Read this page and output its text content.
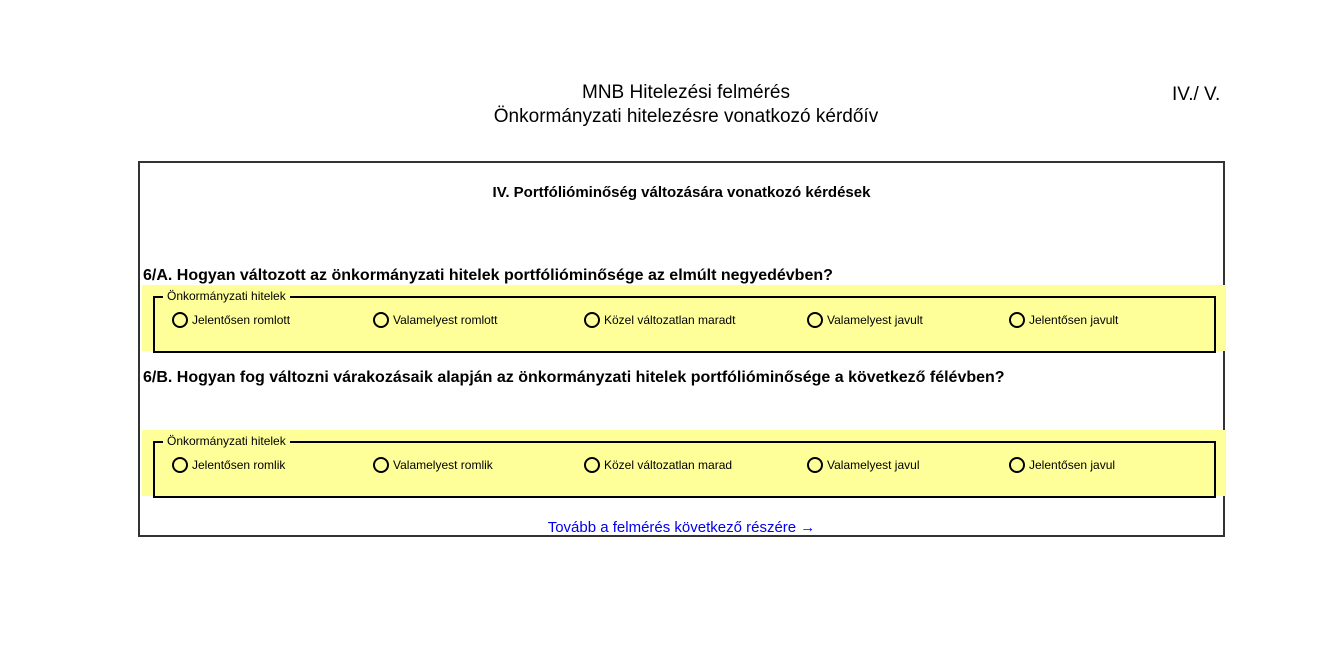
MNB Hitelezési felmérés
Önkormányzati hitelezésre vonatkozó kérdőív
IV./ V.
IV. Portfólióminőség változására vonatkozó kérdések
Önkormányzati hitelek
Jelentősen romlott	Valamelyest romlott	Közel változatlan maradt	Valamelyest javult	Jelentősen javult
6/A. Hogyan változott az önkormányzati hitelek portfólióminősége az elmúlt negyedévben?
Önkormányzati hitelek
Jelentősen romlik	Valamelyest romlik	Közel változatlan marad	Valamelyest javul	Jelentősen javul
6/B. Hogyan fog változni várakozásaik alapján az önkormányzati hitelek portfólióminősége a következő félévben?
Tovább a felmérés következő részére →
